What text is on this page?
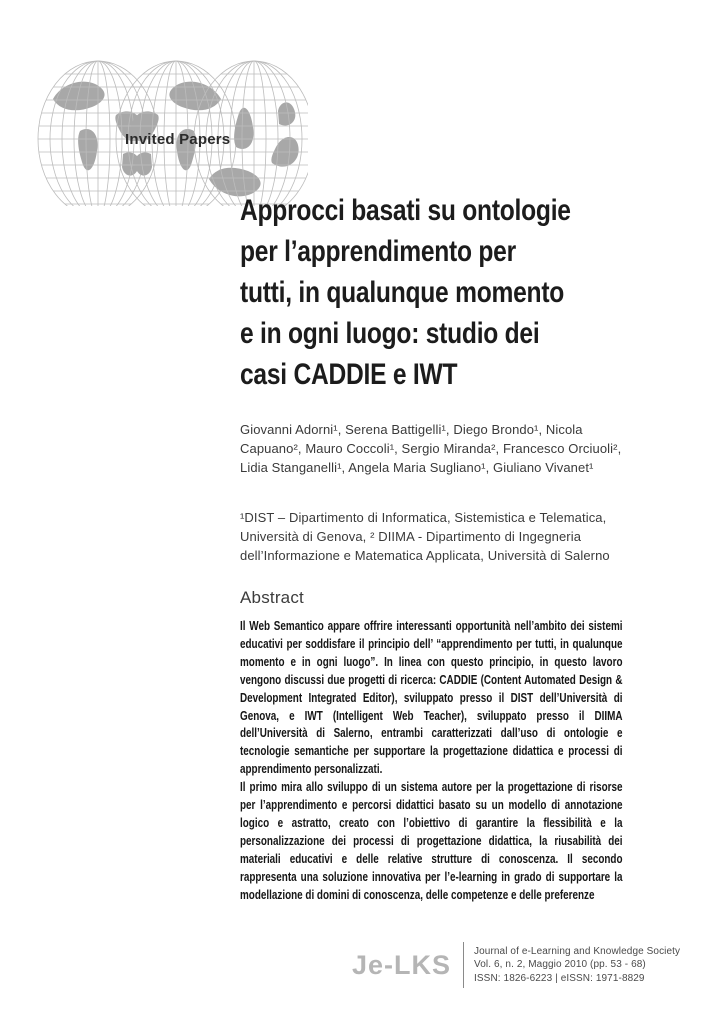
Invited Papers
Approcci basati su ontologie
per l’apprendimento per
tutti, in qualunque momento
e in ogni luogo: studio dei
casi CADDIE e IWT
Giovanni Adorni¹, Serena Battigelli¹, Diego Brondo¹, Nicola Capuano², Mauro Coccoli¹, Sergio Miranda², Francesco Orciuoli², Lidia Stanganelli¹, Angela Maria Sugliano¹, Giuliano Vivanet¹
¹DIST – Dipartimento di Informatica, Sistemistica e Telematica, Università di Genova, ² DIIMA - Dipartimento di Ingegneria dell’Informazione e Matematica Applicata, Università di Salerno
Abstract

Il Web Semantico appare offrire interessanti opportunità nell’ambito dei sistemi educativi per soddisfare il principio dell’ “apprendimento per tutti, in qualunque momento e in ogni luogo”. In linea con questo principio, in questo lavoro vengono discussi due progetti di ricerca: CADDIE (Content Automated Design & Development Integrated Editor), sviluppato presso il DIST dell’Università di Genova, e IWT (Intelligent Web Teacher), sviluppato presso il DIIMA dell’Università di Salerno, entrambi caratterizzati dall’uso di ontologie e tecnologie semantiche per supportare la progettazione didattica e processi di apprendimento personalizzati.

Il primo mira allo sviluppo di un sistema autore per la progettazione di risorse per l’apprendimento e percorsi didattici basato su un modello di annotazione logico e astratto, creato con l’obiettivo di garantire la flessibilità e la personalizzazione dei processi di progettazione didattica, la riusabilità dei materiali educativi e delle relative strutture di conoscenza. Il secondo rappresenta una soluzione innovativa per l’e-learning in grado di supportare la modellazione di domini di conoscenza, delle competenze e delle preferenze

Je-LKS	Journal of e-Learning and Knowledge Society
Vol. 6, n. 2, Maggio 2010 (pp. 53 - 68)
ISSN: 1826-6223 | eISSN: 1971-8829
